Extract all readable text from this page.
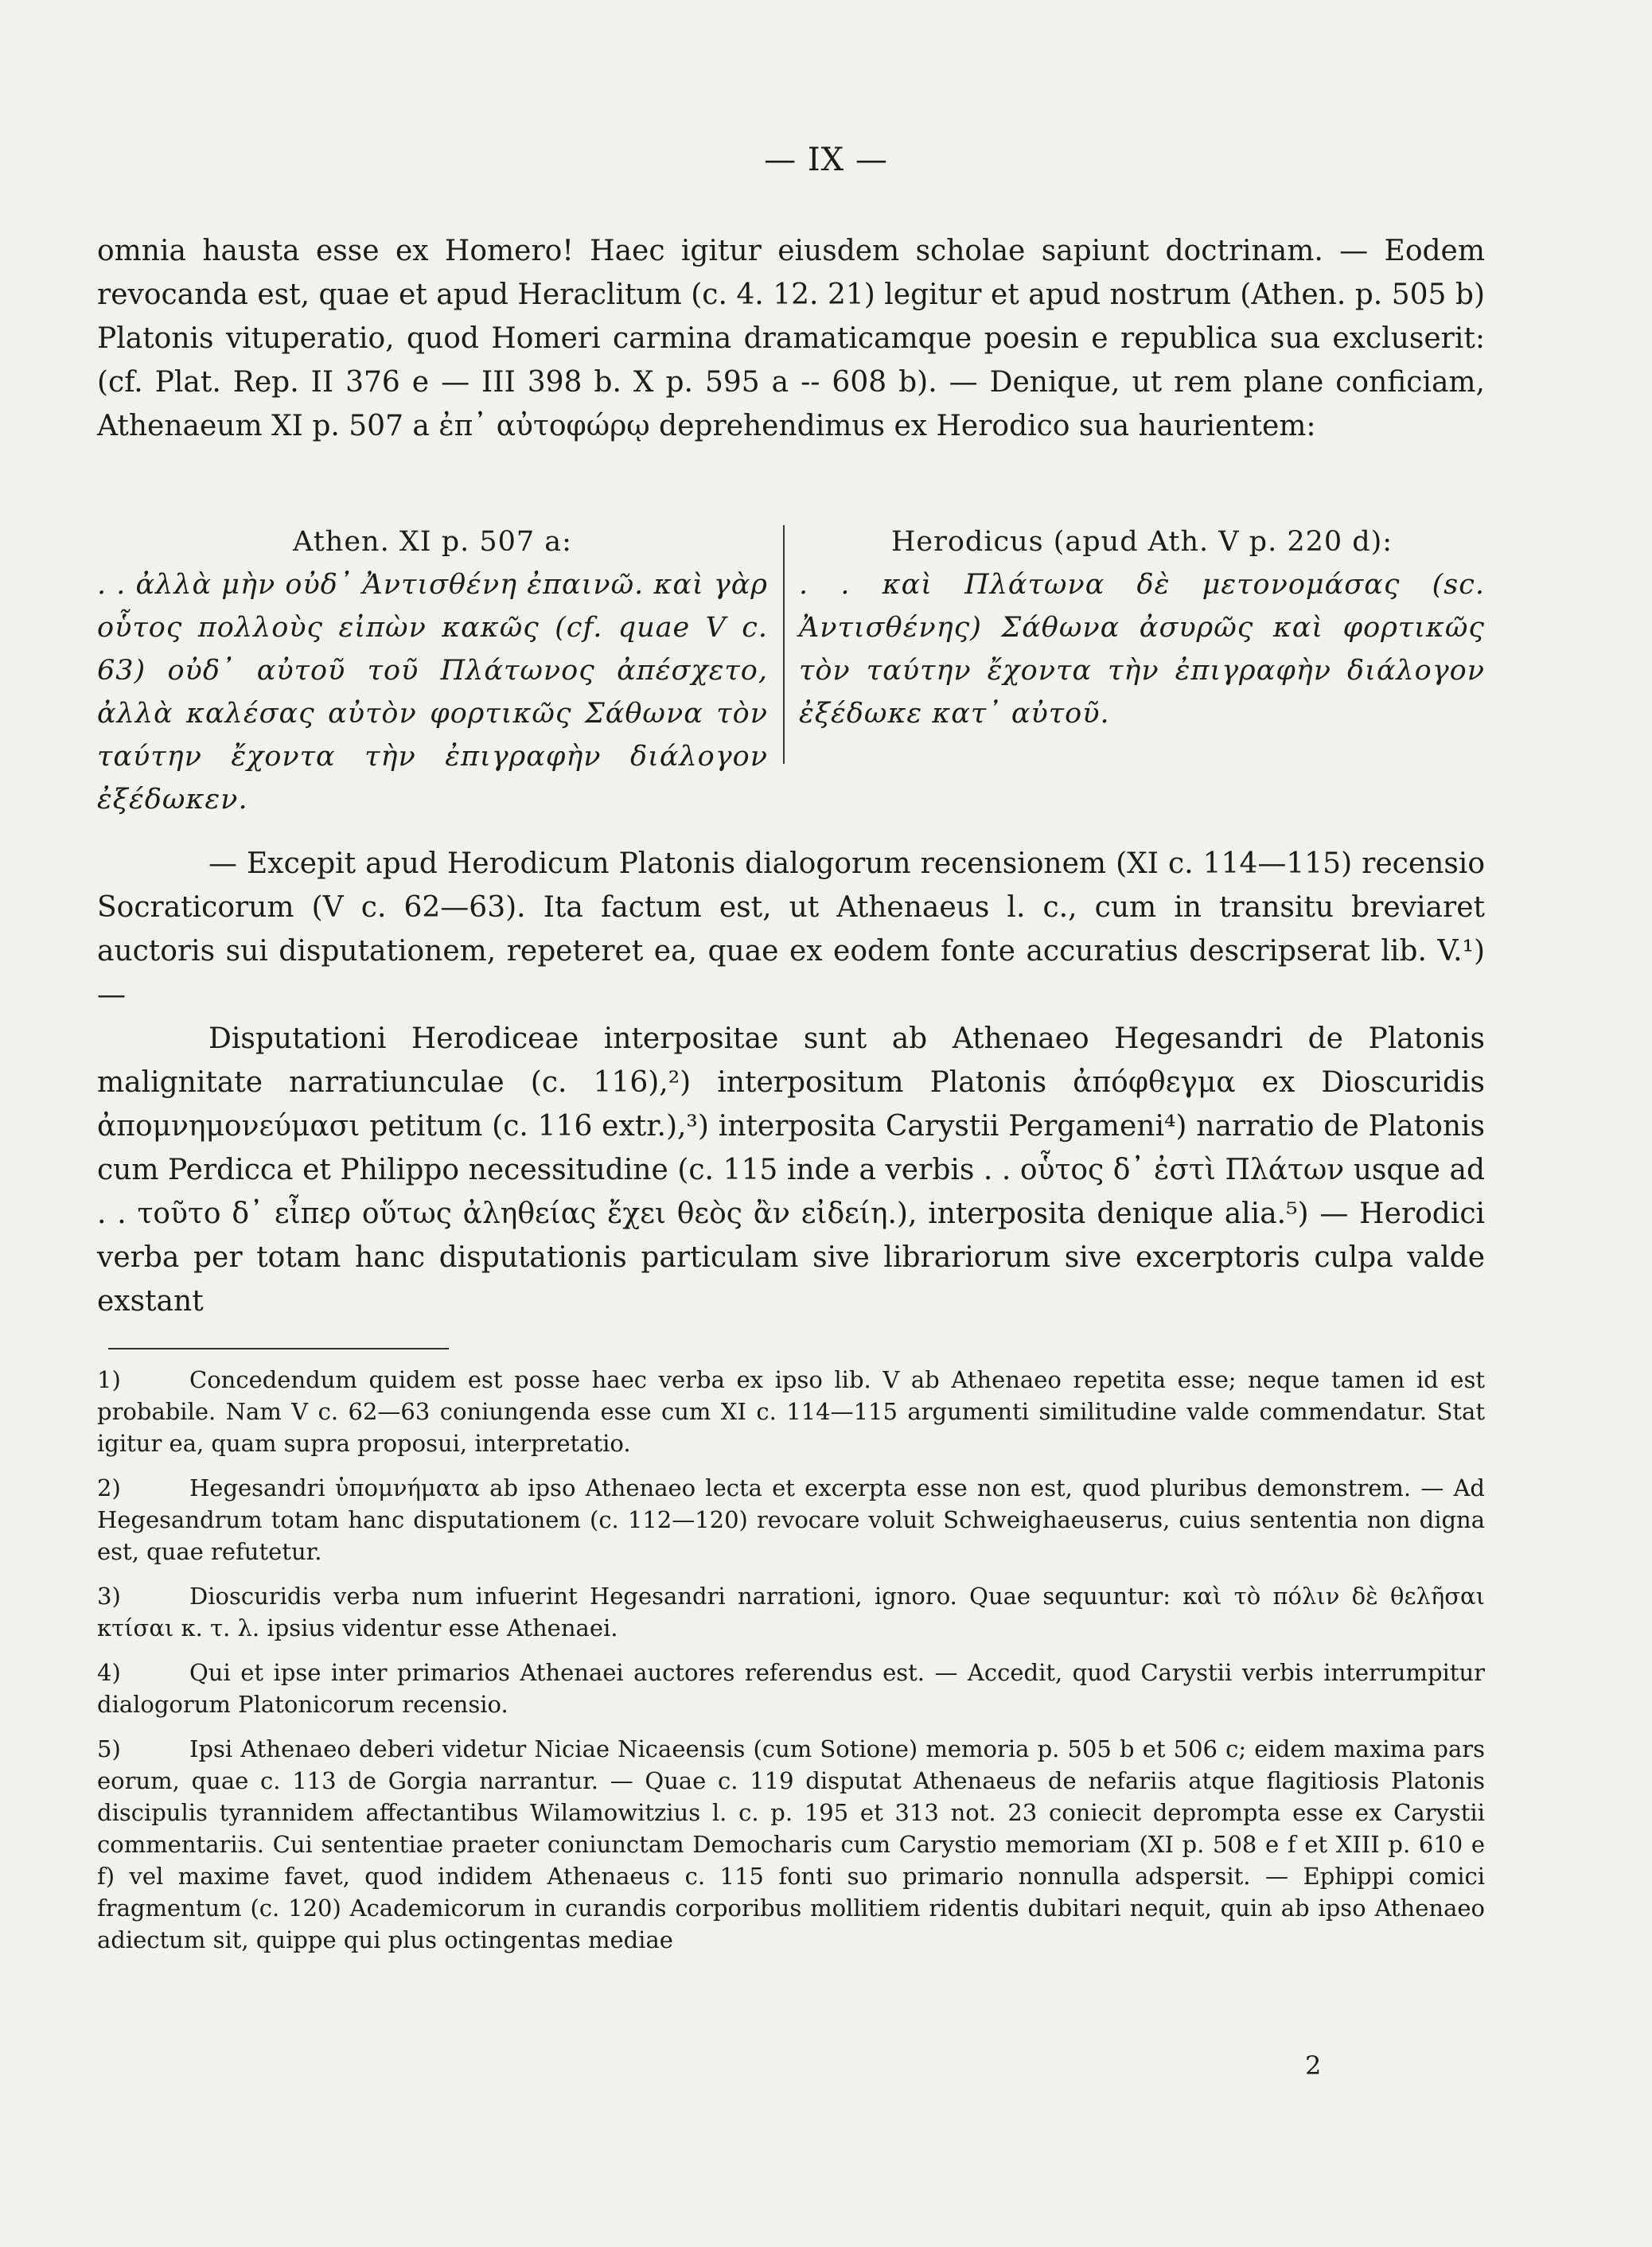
— IX —

omnia hausta esse ex Homero! Haec igitur eiusdem scholae sapiunt doctrinam. — Eodem revocanda est, quae et apud Heraclitum (c. 4. 12. 21) legitur et apud nostrum (Athen. p. 505 b) Platonis vituperatio, quod Homeri carmina dramaticamque poesin e republica sua excluserit: (cf. Plat. Rep. II 376 e — III 398 b. X p. 595 a -- 608 b). — Denique, ut rem plane conficiam, Athenaeum XI p. 507 a ἐπ᾽ αὐτοφώρῳ deprehendimus ex Herodico sua haurientem:

Athen. XI p. 507 a:
. . ἀλλὰ μὴν οὐδ᾽ Ἀντισθένη ἐπαινῶ. καὶ γὰρ οὗτος πολλοὺς εἰπὼν κακῶς (cf. quae V c. 63) οὐδ᾽ αὐτοῦ τοῦ Πλάτωνος ἀπέσχετο, ἀλλὰ καλέσας αὐτὸν φορτικῶς Σάθωνα τὸν ταύτην ἔχοντα τὴν ἐπιγραφὴν διάλογον ἐξέδωκεν.
Herodicus (apud Ath. V p. 220 d):
. . καὶ Πλάτωνα δὲ μετονομάσας (sc. Ἀντισθένης) Σάθωνα ἀσυρῶς καὶ φορτικῶς τὸν ταύτην ἔχοντα τὴν ἐπιγραφὴν διάλογον ἐξέδωκε κατ᾽ αὐτοῦ.

— Excepit apud Herodicum Platonis dialogorum recensionem (XI c. 114—115) recensio Socraticorum (V c. 62—63). Ita factum est, ut Athenaeus l. c., cum in transitu breviaret auctoris sui disputationem, repeteret ea, quae ex eodem fonte accuratius descripserat lib. V.¹) —

Disputationi Herodiceae interpositae sunt ab Athenaeo Hegesandri de Platonis malignitate narratiunculae (c. 116),²) interpositum Platonis ἀπόφθεγμα ex Dioscuridis ἀπομνημονεύμασι petitum (c. 116 extr.),³) interposita Carystii Pergameni⁴) narratio de Platonis cum Perdicca et Philippo necessitudine (c. 115 inde a verbis . . οὗτος δ᾽ ἐστὶ Πλάτων usque ad . . τοῦτο δ᾽ εἶπερ οὕτως ἀληθείας ἔχει θεὸς ἂν εἰδείη.), interposita denique alia.⁵) — Herodici verba per totam hanc disputationis particulam sive librariorum sive excerptoris culpa valde exstant

1)	Concedendum quidem est posse haec verba ex ipso lib. V ab Athenaeo repetita esse; neque tamen id est probabile. Nam V c. 62—63 coniungenda esse cum XI c. 114—115 argumenti similitudine valde commendatur. Stat igitur ea, quam supra proposui, interpretatio.

2)	Hegesandri ὑπομνήματα ab ipso Athenaeo lecta et excerpta esse non est, quod pluribus demonstrem. — Ad Hegesandrum totam hanc disputationem (c. 112—120) revocare voluit Schweighaeuserus, cuius sententia non digna est, quae refutetur.

3)	Dioscuridis verba num infuerint Hegesandri narrationi, ignoro. Quae sequuntur: καὶ τὸ πόλιν δὲ θελῆσαι κτίσαι κ. τ. λ. ipsius videntur esse Athenaei.

4)	Qui et ipse inter primarios Athenaei auctores referendus est. — Accedit, quod Carystii verbis interrumpitur dialogorum Platonicorum recensio.

5)	Ipsi Athenaeo deberi videtur Niciae Nicaeensis (cum Sotione) memoria p. 505 b et 506 c; eidem maxima pars eorum, quae c. 113 de Gorgia narrantur. — Quae c. 119 disputat Athenaeus de nefariis atque flagitiosis Platonis discipulis tyrannidem affectantibus Wilamowitzius l. c. p. 195 et 313 not. 23 coniecit deprompta esse ex Carystii commentariis. Cui sententiae praeter coniunctam Democharis cum Carystio memoriam (XI p. 508 e f et XIII p. 610 e f) vel maxime favet, quod indidem Athenaeus c. 115 fonti suo primario nonnulla adspersit. — Ephippi comici fragmentum (c. 120) Academicorum in curandis corporibus mollitiem ridentis dubitari nequit, quin ab ipso Athenaeo adiectum sit, quippe qui plus octingentas mediae

2
